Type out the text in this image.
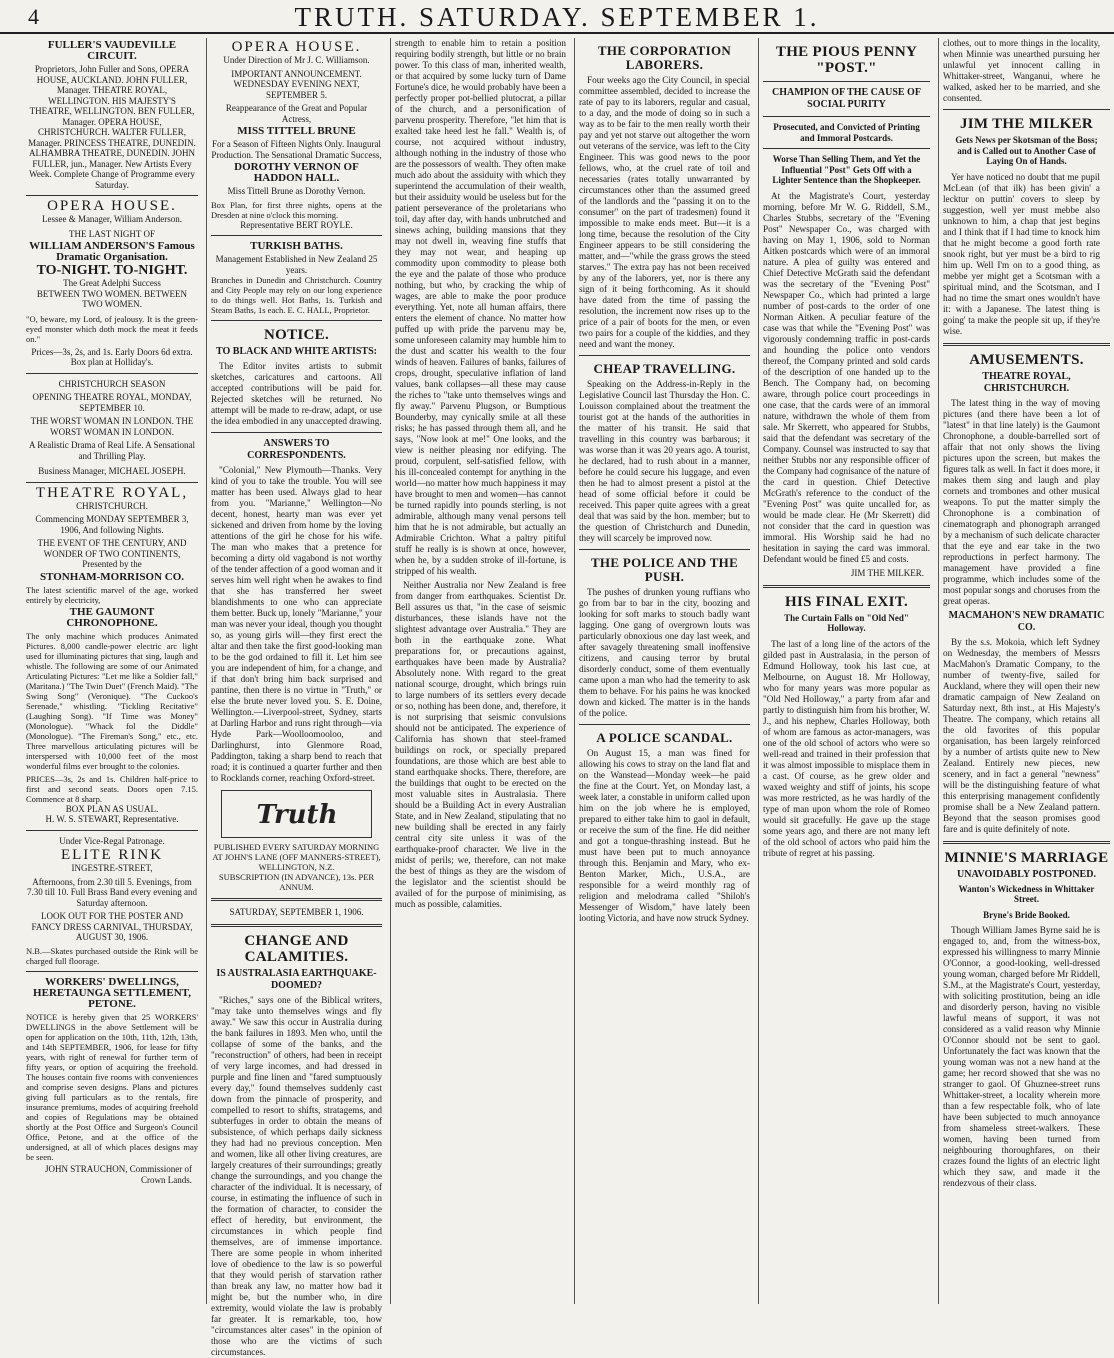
4	TRUTH. SATURDAY. SEPTEMBER 1.
FULLER'S VAUDEVILLE CIRCUIT.
Proprietors, John Fuller and Sons, OPERA HOUSE, AUCKLAND. JOHN FULLER, Manager. THEATRE ROYAL, WELLINGTON. HIS MAJESTY'S THEATRE, WELLINGTON. BEN FULLER, Manager. OPERA HOUSE, CHRISTCHURCH. WALTER FULLER, Manager. PRINCESS THEATRE, DUNEDIN. ALHAMBRA THEATRE, DUNEDIN. JOHN FULLER, jun., Manager. New Artists Every Week. Complete Change of Programme every Saturday.
OPERA HOUSE.
Lessee & Manager, William Anderson.
THE LAST NIGHT OF
WILLIAM ANDERSON'S Famous Dramatic Organisation.
TO-NIGHT. TO-NIGHT.
The Great Adelphi Success
BETWEEN TWO WOMEN. BETWEEN TWO WOMEN.
"O, beware, my Lord, of jealousy. It is the green-eyed monster which doth mock the meat it feeds on."
Prices—3s, 2s, and 1s. Early Doors 6d extra. Box plan at Holliday's.
CHRISTCHURCH SEASON
OPENING THEATRE ROYAL, MONDAY, SEPTEMBER 10.
THE WORST WOMAN IN LONDON. THE WORST WOMAN IN LONDON.
A Realistic Drama of Real Life. A Sensational and Thrilling Play.
Business Manager, MICHAEL JOSEPH.
THEATRE ROYAL,
CHRISTCHURCH.
Commencing MONDAY SEPTEMBER 3, 1906, And following Nights.
THE EVENT OF THE CENTURY, AND WONDER OF TWO CONTINENTS, Presented by the
STONHAM-MORRISON CO.
The latest scientific marvel of the age, worked entirely by electricity,
THE GAUMONT CHRONOPHONE.
The only machine which produces Animated Pictures. 8,000 candle-power electric arc light used for illuminating pictures that sing, laugh and whistle. The following are some of our Animated Articulating Pictures: "Let me like a Soldier fall," (Maritana.) "The Twin Duet" (French Maid). "The Swing Song" (Veronique). "The Cuckoo's Serenade," whistling. "Tickling Recitative" (Laughing Song). "If Time was Money" (Monologue). "Whack fol the Diddle" (Monologue). "The Fireman's Song," etc., etc. Three marvellous articulating pictures will be interspersed with 10,000 feet of the most wonderful films ever brought to the colonies.
PRICES—3s, 2s and 1s. Children half-price to first and second seats. Doors open 7.15. Commence at 8 sharp.
BOX PLAN AS USUAL.
H. W. S. STEWART, Representative.
Under Vice-Regal Patronage.
ELITE RINK
INGESTRE-STREET,
Afternoons, from 2.30 till 5. Evenings, from 7.30 till 10. Full Brass Band every evening and Saturday afternoon.
LOOK OUT FOR THE POSTER AND FANCY DRESS CARNIVAL, THURSDAY, AUGUST 30, 1906.
N.B.—Skates purchased outside the Rink will be charged full floorage.
WORKERS' DWELLINGS, HERETAUNGA SETTLEMENT, PETONE.
NOTICE is hereby given that 25 WORKERS' DWELLINGS in the above Settlement will be open for application on the 10th, 11th, 12th, 13th, and 14th SEPTEMBER, 1906, for lease for fifty years, with right of renewal for further term of fifty years, or option of acquiring the freehold. The houses contain five rooms with conveniences and comprise seven designs. Plans and pictures giving full particulars as to the rentals, fire insurance premiums, modes of acquiring freehold and copies of Regulations may be obtained shortly at the Post Office and Surgeon's Council Office, Petone, and at the office of the undersigned, at all of which places designs may be seen.
JOHN STRAUCHON, Commissioner of Crown Lands.
OPERA HOUSE.
Under Direction of Mr J. C. Williamson.
IMPORTANT ANNOUNCEMENT. WEDNESDAY EVENING NEXT, SEPTEMBER 5.
Reappearance of the Great and Popular Actress,
MISS TITTELL BRUNE
For a Season of Fifteen Nights Only. Inaugural Production. The Sensational Dramatic Success,
DOROTHY VERNON OF HADDON HALL.
Miss Tittell Brune as Dorothy Vernon.
Box Plan, for first three nights, opens at the Dresden at nine o'clock this morning.
Representative BERT ROYLE.
TURKISH BATHS.
Management Established in New Zealand 25 years.
Branches in Dunedin and Christchurch. Country and City People may rely on our long experience to do things well. Hot Baths, 1s. Turkish and Steam Baths, 1s each. E. C. HALL, Proprietor.
NOTICE.
TO BLACK AND WHITE ARTISTS:

The Editor invites artists to submit sketches, caricatures and cartoons. All accepted contributions will be paid for. Rejected sketches will be returned. No attempt will be made to re-draw, adapt, or use the idea embodied in any unaccepted drawing.

ANSWERS TO CORRESPONDENTS.

"Colonial," New Plymouth—Thanks. Very kind of you to take the trouble. You will see matter has been used. Always glad to hear from you. "Marianne," Wellington—No decent, honest, hearty man was ever yet sickened and driven from home by the loving attentions of the girl he chose for his wife. The man who makes that a pretence for becoming a dirty old vagabond is not worthy of the tender affection of a good woman and it serves him well right when he awakes to find that she has transferred her sweet blandishments to one who can appreciate them better. Buck up, lonely "Marianne," your man was never your ideal, though you thought so, as young girls will—they first erect the altar and then take the first good-looking man to be the god ordained to fill it. Let him see you are independent of him, for a change, and if that don't bring him back surprised and pantine, then there is no virtue in "Truth," or else the brute never loved you. S. E. Doine, Wellington.—Liverpool-street, Sydney, starts at Darling Harbor and runs right through—via Hyde Park—Woolloomooloo, and Darlinghurst, into Glenmore Road, Paddington, taking a sharp bend to reach that road; it is continued a quarter further and then to Rocklands corner, reaching Oxford-street.

Truth
PUBLISHED EVERY SATURDAY MORNING AT JOHN'S LANE (OFF MANNERS-STREET), WELLINGTON, N.Z.
SUBSCRIPTION (IN ADVANCE), 13s. PER ANNUM.
SATURDAY, SEPTEMBER 1, 1906.
CHANGE AND CALAMITIES.
IS AUSTRALASIA EARTHQUAKE-DOOMED?

"Riches," says one of the Biblical writers, "may take unto themselves wings and fly away." We saw this occur in Australia during the bank failures in 1893. Men who, until the collapse of some of the banks, and the "reconstruction" of others, had been in receipt of very large incomes, and had dressed in purple and fine linen and "fared sumptuously every day," found themselves suddenly cast down from the pinnacle of prosperity, and compelled to resort to shifts, stratagems, and subterfuges in order to obtain the means of subsistence, of which perhaps daily sickness they had had no previous conception. Men and women, like all other living creatures, are largely creatures of their surroundings; greatly change the surroundings, and you change the character of the individual. It is necessary, of course, in estimating the influence of such in the formation of character, to consider the effect of heredity, but environment, the circumstances in which people find themselves, are of immense importance. There are some people in whom inherited love of obedience to the law is so powerful that they would perish of starvation rather than break any law, no matter how bad it might be, but the number who, in dire extremity, would violate the law is probably far greater. It is remarkable, too, how "circumstances alter cases" in the opinion of those who are the victims of such circumstances.

strength to enable him to retain a position requiring bodily strength, but little or no brain power. To this class of man, inherited wealth, or that acquired by some lucky turn of Dame Fortune's dice, he would probably have been a perfectly proper pot-bellied plutocrat, a pillar of the church, and a personification of parvenu prosperity. Therefore, "let him that is exalted take heed lest he fall." Wealth is, of course, not acquired without industry, although nothing in the industry of those who are the possessors of wealth. They often make much ado about the assiduity with which they superintend the accumulation of their wealth, but their assiduity would be useless but for the patient perseverance of the proletarians who toil, day after day, with hands unbrutched and sinews aching, building mansions that they may not dwell in, weaving fine stuffs that they may not wear, and heaping up commodity upon commodity to please both the eye and the palate of those who produce nothing, but who, by cracking the whip of wages, are able to make the poor produce everything. Yet, note all human affairs, there enters the element of chance. No matter how puffed up with pride the parvenu may be, some unforeseen calamity may humble him to the dust and scatter his wealth to the four winds of heaven. Failures of banks, failures of crops, drought, speculative inflation of land values, bank collapses—all these may cause the riches to "take unto themselves wings and fly away." Parvenu Plugson, or Bumptious Bounderby, may cynically smile at all these risks; he has passed through them all, and he says, "Now look at me!" One looks, and the view is neither pleasing nor edifying. The proud, corpulent, self-satisfied fellow, with his ill-concealed contempt for anything in the world—no matter how much happiness it may have brought to men and women—has cannot be turned rapidly into pounds sterling, is not admirable, although many venal persons tell him that he is not admirable, but actually an Admirable Crichton. What a paltry pitiful stuff he really is is shown at once, however, when he, by a sudden stroke of ill-fortune, is stripped of his wealth.

Neither Australia nor New Zealand is free from danger from earthquakes. Scientist Dr. Bell assures us that, "in the case of seismic disturbances, these islands have not the slightest advantage over Australia." They are both in the earthquake zone. What preparations for, or precautions against, earthquakes have been made by Australia? Absolutely none. With regard to the great national scourge, drought, which brings ruin to large numbers of its settlers every decade or so, nothing has been done, and, therefore, it is not surprising that seismic convulsions should not be anticipated. The experience of California has shown that steel-framed buildings on rock, or specially prepared foundations, are those which are best able to stand earthquake shocks. There, therefore, are the buildings that ought to be erected on the most valuable sites in Australasia. There should be a Building Act in every Australian State, and in New Zealand, stipulating that no new building shall be erected in any fairly central city site unless it was of the earthquake-proof character. We live in the midst of perils; we, therefore, can not make the best of things as they are the wisdom of the legislator and the scientist should be availed of for the purpose of minimising, as much as possible, calamities.

THE CORPORATION LABORERS.

Four weeks ago the City Council, in special committee assembled, decided to increase the rate of pay to its laborers, regular and casual, to a day, and the mode of doing so in such a way as to be fair to the men really worth their pay and yet not starve out altogether the worn out veterans of the service, was left to the City Engineer. This was good news to the poor fellows, who, at the cruel rate of toil and necessaries (rates totally unwarranted by circumstances other than the assumed greed of the landlords and the "passing it on to the consumer" on the part of tradesmen) found it impossible to make ends meet. But—it is a long time, because the resolution of the City Engineer appears to be still considering the matter, and—"while the grass grows the steed starves." The extra pay has not been received by any of the laborers, yet, nor is there any sign of it being forthcoming. As it should have dated from the time of passing the resolution, the increment now rises up to the price of a pair of boots for the men, or even two pairs for a couple of the kiddies, and they need and want the money.

CHEAP TRAVELLING.

Speaking on the Address-in-Reply in the Legislative Council last Thursday the Hon. C. Louisson complained about the treatment the tourist got at the hands of the authorities in the matter of his transit. He said that travelling in this country was barbarous; it was worse than it was 20 years ago. A tourist, he declared, had to rush about in a manner, before he could secure his luggage, and even then he had to almost present a pistol at the head of some official before it could be received. This paper quite agrees with a great deal that was said by the hon. member; but to the question of Christchurch and Dunedin, they will scarcely be improved now.

THE POLICE AND THE PUSH.

The pushes of drunken young ruffians who go from bar to bar in the city, boozing and looking for soft marks to stouch badly want lagging. One gang of overgrown louts was particularly obnoxious one day last week, and after savagely threatening small inoffensive citizens, and causing terror by brutal disorderly conduct, some of them eventually came upon a man who had the temerity to ask them to behave. For his pains he was knocked down and kicked. The matter is in the hands of the police.

A POLICE SCANDAL.

On August 15, a man was fined for allowing his cows to stray on the land flat and on the Wanstead—Monday week—he paid the fine at the Court. Yet, on Monday last, a week later, a constable in uniform called upon him on the job where he is employed, prepared to either take him to gaol in default, or receive the sum of the fine. He did neither and got a tongue-thrashing instead. But he must have been put to much annoyance through this. Benjamin and Mary, who ex-Benton Marker, Mich., U.S.A., are responsible for a weird monthly rag of religion and melodrama called "Shiloh's Messenger of Wisdom," have lately been looting Victoria, and have now struck Sydney.

THE PIOUS PENNY "POST."
CHAMPION OF THE CAUSE OF SOCIAL PURITY
Prosecuted, and Convicted of Printing and Immoral Postcards.
Worse Than Selling Them, and Yet the Influential "Post" Gets Off with a Lighter Sentence than the Shopkeeper.

At the Magistrate's Court, yesterday morning, before Mr W. G. Riddell, S.M., Charles Stubbs, secretary of the "Evening Post" Newspaper Co., was charged with having on May 1, 1906, sold to Norman Aitken postcards which were of an immoral nature. A plea of guilty was entered and Chief Detective McGrath said the defendant was the secretary of the "Evening Post" Newspaper Co., which had printed a large number of post-cards to the order of one Norman Aitken. A peculiar feature of the case was that while the "Evening Post" was vigorously condemning traffic in post-cards and hounding the police onto vendors thereof, the Company printed and sold cards of the description of one handed up to the Bench. The Company had, on becoming aware, through police court proceedings in one case, that the cards were of an immoral nature, withdrawn the whole of them from sale. Mr Skerrett, who appeared for Stubbs, said that the defendant was secretary of the Company. Counsel was instructed to say that neither Stubbs nor any responsible officer of the Company had cognisance of the nature of the card in question. Chief Detective McGrath's reference to the conduct of the "Evening Post" was quite uncalled for, as would be made clear. He (Mr Skerrett) did not consider that the card in question was immoral. His Worship said he had no hesitation in saying the card was immoral. Defendant would be fined £5 and costs.

JIM THE MILKER.
HIS FINAL EXIT.
The Curtain Falls on "Old Ned" Holloway.

The last of a long line of the actors of the gilded past in Australasia, in the person of Edmund Holloway, took his last cue, at Melbourne, on August 18. Mr Holloway, who for many years was more popular as "Old Ned Holloway," a party from afar and partly to distinguish him from his brother, W. J., and his nephew, Charles Holloway, both of whom are famous as actor-managers, was one of the old school of actors who were so well-read and trained in their profession that it was almost impossible to misplace them in a cast. Of course, as he grew older and waxed weighty and stiff of joints, his scope was more restricted, as he was hardly of the type of man upon whom the role of Romeo would sit gracefully. He gave up the stage some years ago, and there are not many left of the old school of actors who paid him the tribute of regret at his passing.

clothes, out to more things in the locality, when Minnie was unearthed pursuing her unlawful yet innocent calling in Whittaker-street, Wanganui, where he walked, asked her to be married, and she consented.

JIM THE MILKER
Gets News per Skotsman of the Boss; and is Called out to Another Case of Laying On of Hands.

Yer have noticed no doubt that me pupil McLean (of that ilk) has been givin' a lecktur on puttin' covers to sleep by suggestion, well yer must mebbe also unknown to him, a chap that jest begins and I think that if I had time to knock him that he might become a good forth rate snook right, but yer must be a bird to rig him up. Well I'm on to a good thing, as mebbe yer might get a Scotsman with a spiritual mind, and the Scotsman, and I had no time the smart ones wouldn't have it: with a Japanese. The latest thing is going' ta make the people sit up, if they're wise.

AMUSEMENTS.
THEATRE ROYAL, CHRISTCHURCH.

The latest thing in the way of moving pictures (and there have been a lot of "latest" in that line lately) is the Gaumont Chronophone, a double-barrelled sort of affair that not only shows the living pictures upon the screen, but makes the figures talk as well. In fact it does more, it makes them sing and laugh and play cornets and trombones and other musical weapons. To put the matter simply the Chronophone is a combination of cinematograph and phonograph arranged by a mechanism of such delicate character that the eye and ear take in the two reproductions in perfect harmony. The management have provided a fine programme, which includes some of the most popular songs and choruses from the great operas.

MACMAHON'S NEW DRAMATIC CO.

By the s.s. Mokoia, which left Sydney on Wednesday, the members of Messrs MacMahon's Dramatic Company, to the number of twenty-five, sailed for Auckland, where they will open their new dramatic campaign of New Zealand on Saturday next, 8th inst., at His Majesty's Theatre. The company, which retains all the old favorites of this popular organisation, has been largely reinforced by a number of artists quite new to New Zealand. Entirely new pieces, new scenery, and in fact a general "newness" will be the distinguishing feature of what this enterprising management confidently promise shall be a New Zealand pattern. Beyond that the season promises good fare and is quite definitely of note.

MINNIE'S MARRIAGE
UNAVOIDABLY POSTPONED.
Wanton's Wickedness in Whittaker Street.
Bryne's Bride Booked.

Though William James Byrne said he is engaged to, and, from the witness-box, expressed his willingness to marry Minnie O'Connor, a good-looking, well-dressed young woman, charged before Mr Riddell, S.M., at the Magistrate's Court, yesterday, with soliciting prostitution, being an idle and disorderly person, having no visible lawful means of support, it was not considered as a valid reason why Minnie O'Connor should not be sent to gaol. Unfortunately the fact was known that the young woman was not a new hand at the game; her record showed that she was no stranger to gaol. Of Ghuznee-street runs Whittaker-street, a locality wherein more than a few respectable folk, who of late have been subjected to much annoyance from shameless street-walkers. These women, having been turned from neighbouring thoroughfares, on their crazes found the lights of an electric light which they saw, and made it the rendezvous of their class.
